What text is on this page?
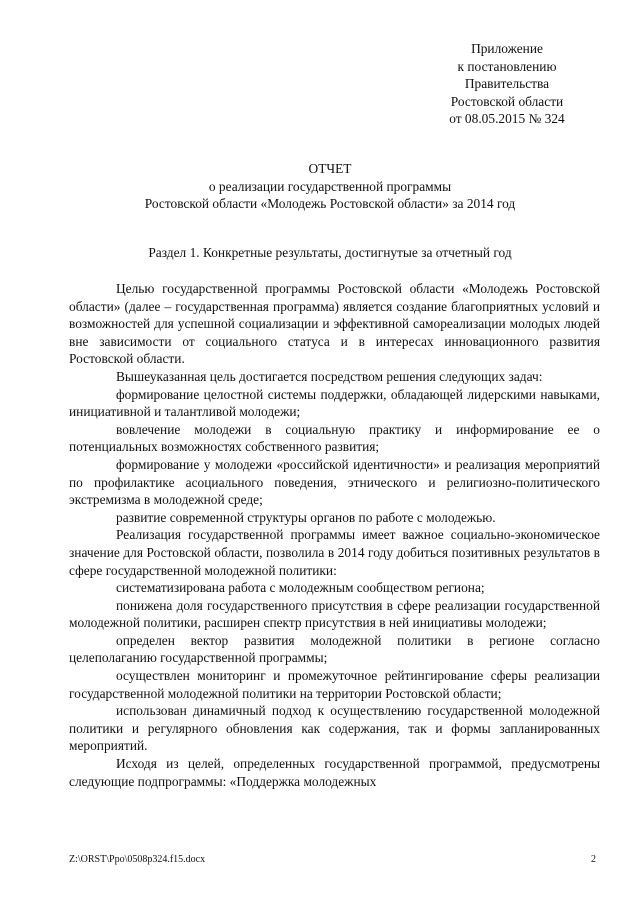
Приложение
к постановлению
Правительства
Ростовской области
от 08.05.2015 № 324
ОТЧЕТ
о реализации государственной программы
Ростовской области «Молодежь Ростовской области» за 2014 год
Раздел 1. Конкретные результаты, достигнутые за отчетный год

Целью государственной программы Ростовской области «Молодежь Ростовской области» (далее – государственная программа) является создание благоприятных условий и возможностей для успешной социализации и эффективной самореализации молодых людей вне зависимости от социального статуса и в интересах инновационного развития Ростовской области.

Вышеуказанная цель достигается посредством решения следующих задач:

формирование целостной системы поддержки, обладающей лидерскими навыками, инициативной и талантливой молодежи;

вовлечение молодежи в социальную практику и информирование ее о потенциальных возможностях собственного развития;

формирование у молодежи «российской идентичности» и реализация мероприятий по профилактике асоциального поведения, этнического и религиозно-политического экстремизма в молодежной среде;

развитие современной структуры органов по работе с молодежью.

Реализация государственной программы имеет важное социально-экономическое значение для Ростовской области, позволила в 2014 году добиться позитивных результатов в сфере государственной молодежной политики:

систематизирована работа с молодежным сообществом региона;

понижена доля государственного присутствия в сфере реализации государственной молодежной политики, расширен спектр присутствия в ней инициативы молодежи;

определен вектор развития молодежной политики в регионе согласно целеполаганию государственной программы;

осуществлен мониторинг и промежуточное рейтингирование сферы реализации государственной молодежной политики на территории Ростовской области;

использован динамичный подход к осуществлению государственной молодежной политики и регулярного обновления как содержания, так и формы запланированных мероприятий.

Исходя из целей, определенных государственной программой, предусмотрены следующие подпрограммы: «Поддержка молодежных

Z:\ORST\Ppo\0508p324.f15.docx	2
